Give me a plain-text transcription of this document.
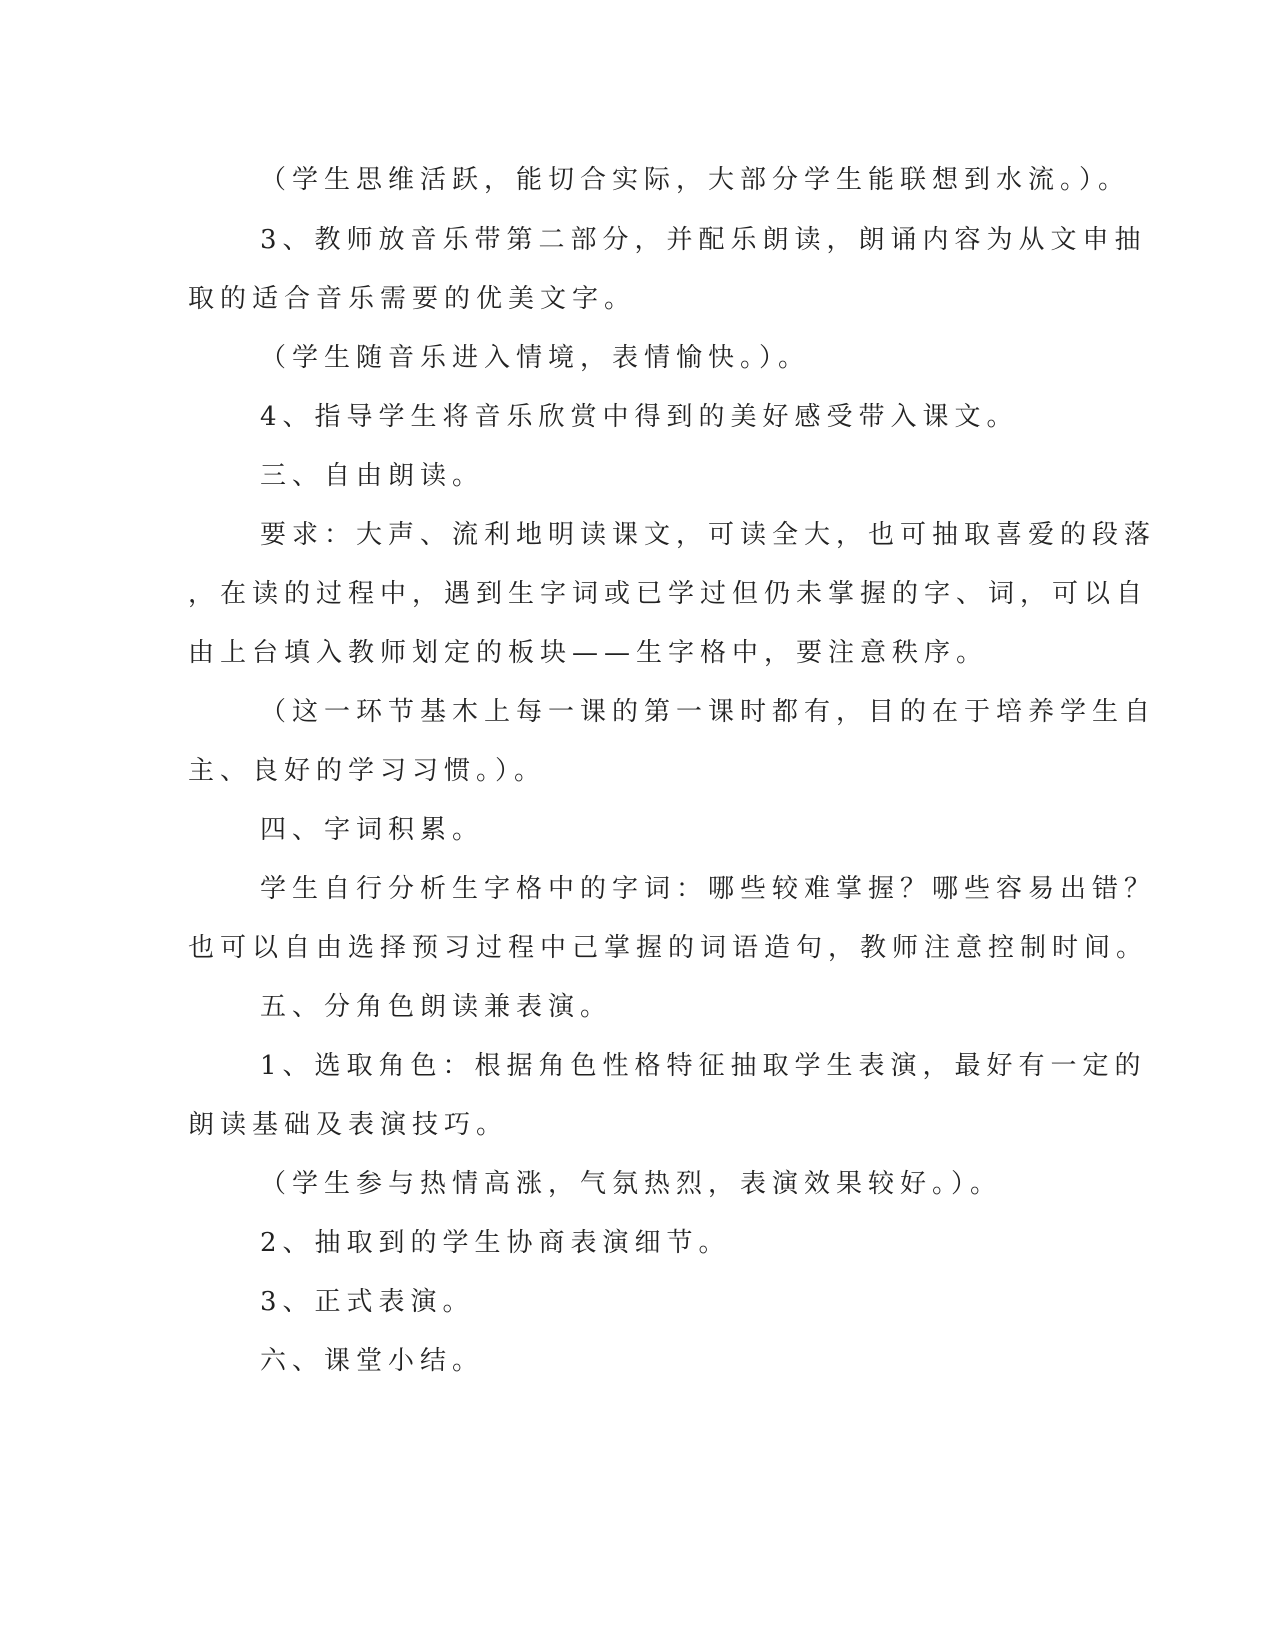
（学生思维活跃，能切合实际，大部分学生能联想到水流。）。
3、教师放音乐带第二部分，并配乐朗读，朗诵内容为从文申抽
取的适合音乐需要的优美文字。
（学生随音乐进入情境，表情愉快。）。
4、指导学生将音乐欣赏中得到的美好感受带入课文。
三、自由朗读。
要求：大声、流利地明读课文，可读全大，也可抽取喜爱的段落
，在读的过程中，遇到生字词或已学过但仍未掌握的字、词，可以自
由上台填入教师划定的板块——生字格中，要注意秩序。
（这一环节基木上每一课的第一课时都有，目的在于培养学生自
主、良好的学习习惯。）。
四、字词积累。
学生自行分析生字格中的字词：哪些较难掌握？哪些容易出错？
也可以自由选择预习过程中己掌握的词语造句，教师注意控制时间。
五、分角色朗读兼表演。
1、选取角色：根据角色性格特征抽取学生表演，最好有一定的
朗读基础及表演技巧。
（学生参与热情高涨，气氛热烈，表演效果较好。）。
2、抽取到的学生协商表演细节。
3、正式表演。
六、课堂小结。
